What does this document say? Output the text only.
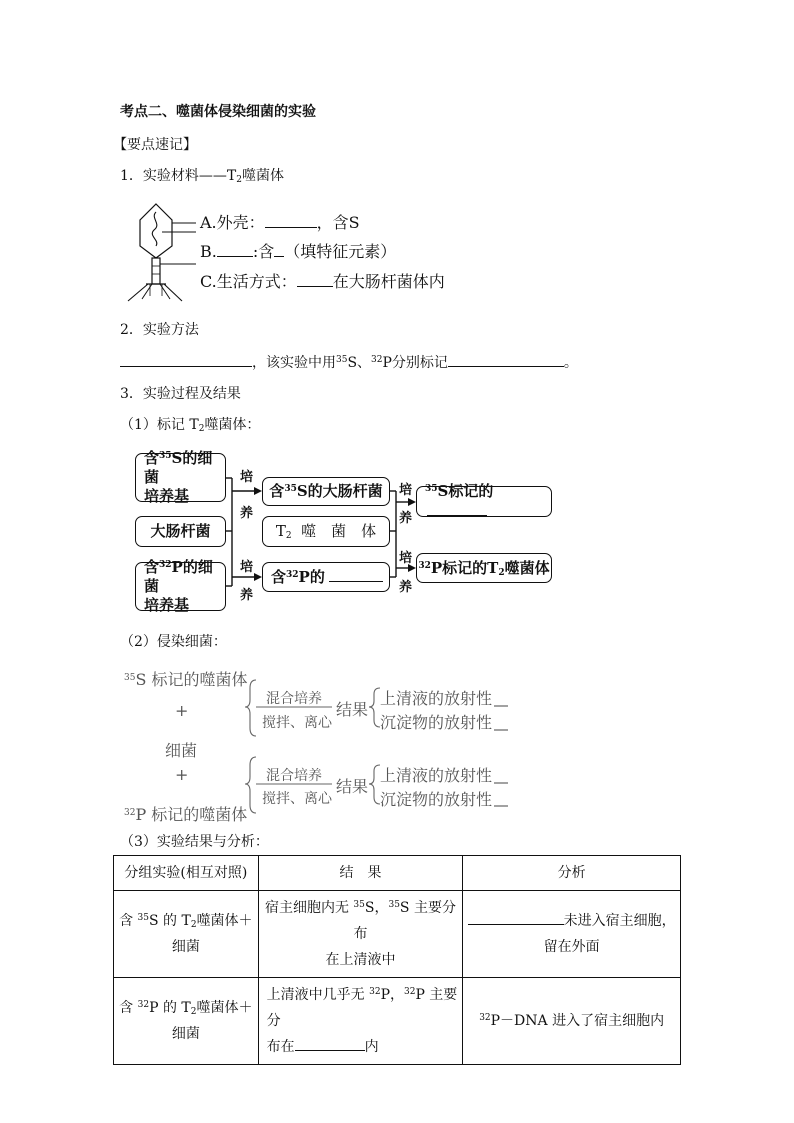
考点二、噬菌体侵染细菌的实验
【要点速记】
1．实验材料$——T_2$噬菌体
A.外壳：	，含S
B. :含 （填特征元素）
C.生活方式： 在大肠杆菌体内
2．实验方法
，该实验中用$^{35}$S、$^{32}$P分别标记	。
3．实验过程及结果
（1）标记 $T_2$噬菌体：
含$^{35}$S的细菌
培养基
大肠杆菌
含$^{32}$P的细菌
培养基
培
养
培
养
含$^{35}$S的大肠杆菌
$T_2$ 噬　菌　体
含$^{32}$P的
培
养
培
养
$^{35}$S标记的
$^{32}$P标记的$T_2$噬菌体
（2）侵染细菌：
$^{35}$S 标记的噬菌体
+
细菌
+
$^{32}$P 标记的噬菌体
混合培养
搅拌、离心
结果
上清液的放射性
沉淀物的放射性
混合培养
搅拌、离心
结果
上清液的放射性
沉淀物的放射性
（3）实验结果与分析：
分组实验(相互对照)	结　果	分析
含 $^{35}$S 的 $T_2$噬菌体＋
细菌	宿主细胞内无 $^{35}$S，$^{35}$S 主要分布
在上清液中	未进入宿主细胞，
留在外面
含 $^{32}$P 的 $T_2$噬菌体＋
细菌	上清液中几乎无 $^{32}$P，$^{32}$P 主要分
布在 内	$^{32}$P－DNA 进入了宿主细胞内
